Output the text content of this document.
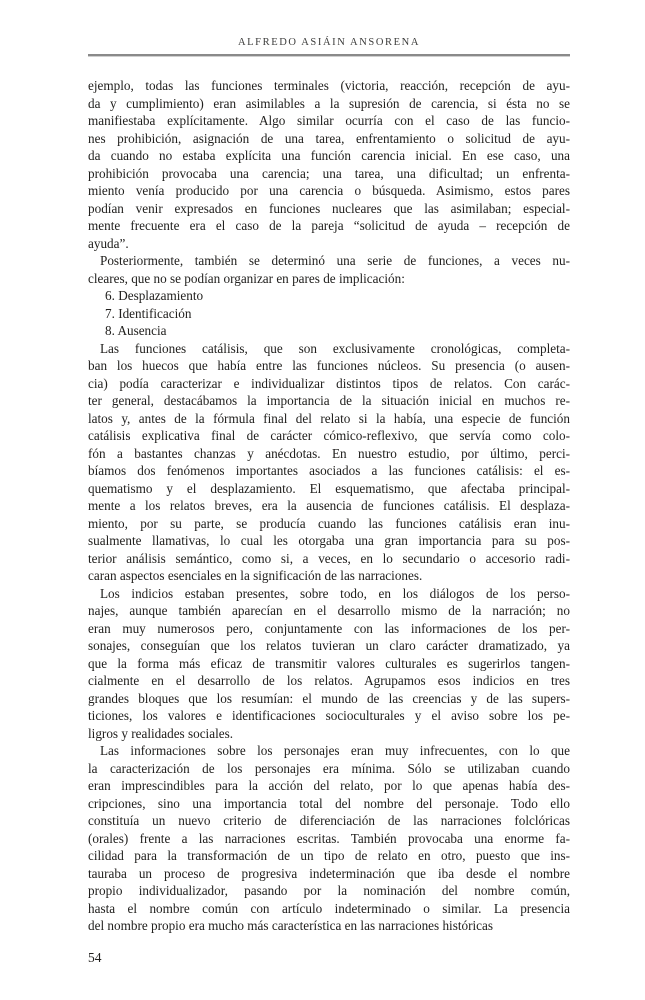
ALFREDO ASIÁIN ANSORENA
ejemplo, todas las funciones terminales (victoria, reacción, recepción de ayu-
da y cumplimiento) eran asimilables a la supresión de carencia, si ésta no se
manifiestaba explícitamente. Algo similar ocurría con el caso de las funcio-
nes prohibición, asignación de una tarea, enfrentamiento o solicitud de ayu-
da cuando no estaba explícita una función carencia inicial. En ese caso, una
prohibición provocaba una carencia; una tarea, una dificultad; un enfrenta-
miento venía producido por una carencia o búsqueda. Asimismo, estos pares
podían venir expresados en funciones nucleares que las asimilaban; especial-
mente frecuente era el caso de la pareja “solicitud de ayuda – recepción de
ayuda”.
Posteriormente, también se determinó una serie de funciones, a veces nu-
cleares, que no se podían organizar en pares de implicación:
6. Desplazamiento
7. Identificación
8. Ausencia
Las funciones catálisis, que son exclusivamente cronológicas, completa-
ban los huecos que había entre las funciones núcleos. Su presencia (o ausen-
cia) podía caracterizar e individualizar distintos tipos de relatos. Con carác-
ter general, destacábamos la importancia de la situación inicial en muchos re-
latos y, antes de la fórmula final del relato si la había, una especie de función
catálisis explicativa final de carácter cómico-reflexivo, que servía como colo-
fón a bastantes chanzas y anécdotas. En nuestro estudio, por último, perci-
bíamos dos fenómenos importantes asociados a las funciones catálisis: el es-
quematismo y el desplazamiento. El esquematismo, que afectaba principal-
mente a los relatos breves, era la ausencia de funciones catálisis. El desplaza-
miento, por su parte, se producía cuando las funciones catálisis eran inu-
sualmente llamativas, lo cual les otorgaba una gran importancia para su pos-
terior análisis semántico, como si, a veces, en lo secundario o accesorio radi-
caran aspectos esenciales en la significación de las narraciones.
Los indicios estaban presentes, sobre todo, en los diálogos de los perso-
najes, aunque también aparecían en el desarrollo mismo de la narración; no
eran muy numerosos pero, conjuntamente con las informaciones de los per-
sonajes, conseguían que los relatos tuvieran un claro carácter dramatizado, ya
que la forma más eficaz de transmitir valores culturales es sugerirlos tangen-
cialmente en el desarrollo de los relatos. Agrupamos esos indicios en tres
grandes bloques que los resumían: el mundo de las creencias y de las supers-
ticiones, los valores e identificaciones socioculturales y el aviso sobre los pe-
ligros y realidades sociales.
Las informaciones sobre los personajes eran muy infrecuentes, con lo que
la caracterización de los personajes era mínima. Sólo se utilizaban cuando
eran imprescindibles para la acción del relato, por lo que apenas había des-
cripciones, sino una importancia total del nombre del personaje. Todo ello
constituía un nuevo criterio de diferenciación de las narraciones folclóricas
(orales) frente a las narraciones escritas. También provocaba una enorme fa-
cilidad para la transformación de un tipo de relato en otro, puesto que ins-
tauraba un proceso de progresiva indeterminación que iba desde el nombre
propio individualizador, pasando por la nominación del nombre común,
hasta el nombre común con artículo indeterminado o similar. La presencia
del nombre propio era mucho más característica en las narraciones históricas
54
